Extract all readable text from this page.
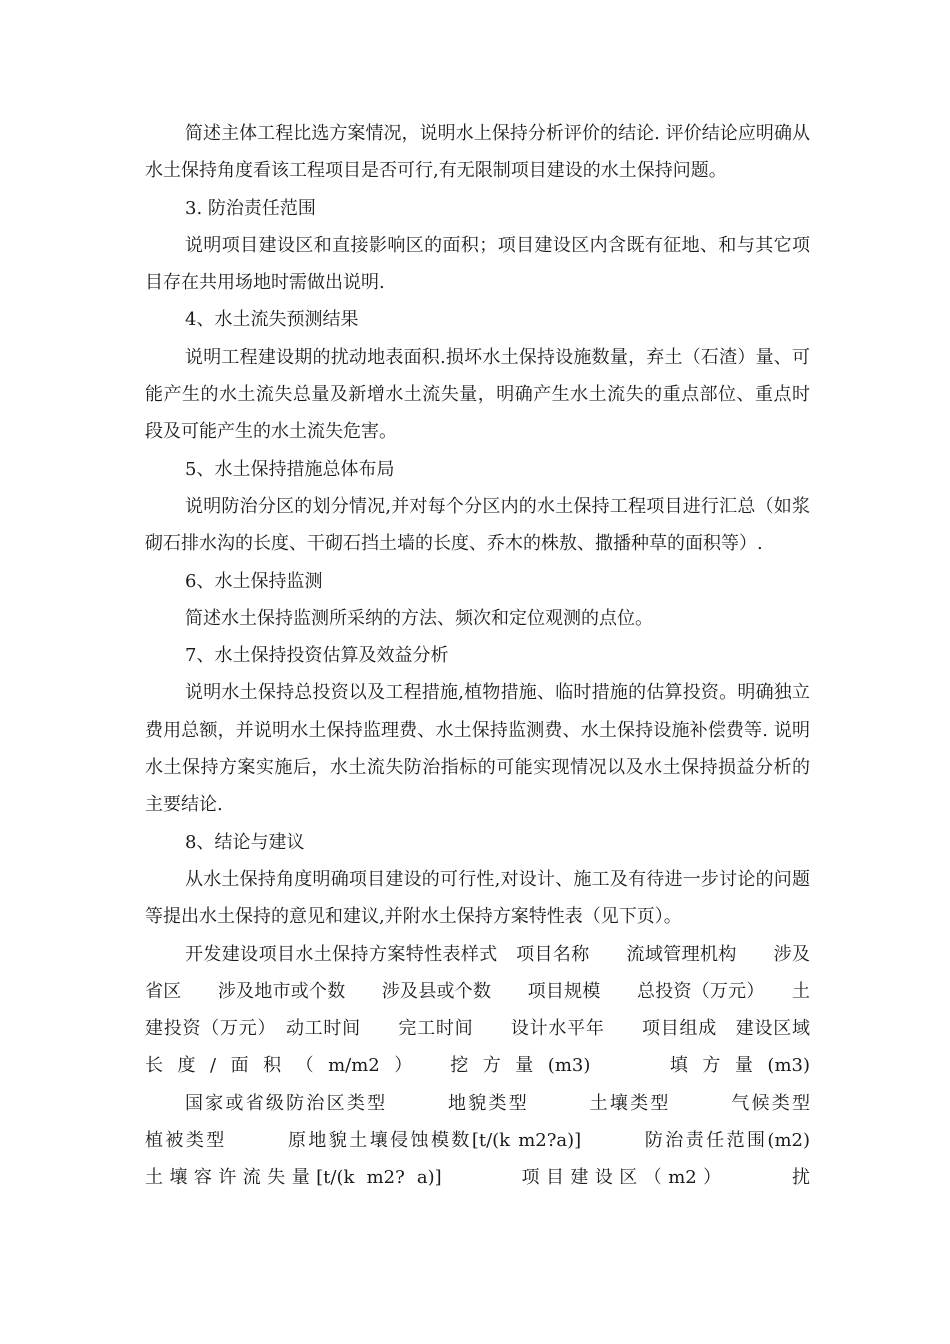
简述主体工程比选方案情况，说明水上保持分析评价的结论. 评价结论应明确从水土保持角度看该工程项目是否可行,有无限制项目建设的水土保持问题。

3. 防治责任范围

说明项目建设区和直接影响区的面积；项目建设区内含既有征地、和与其它项目存在共用场地时需做出说明.

4、水土流失预测结果

说明工程建设期的扰动地表面积.损坏水土保持设施数量，弃土（石渣）量、可能产生的水土流失总量及新增水土流失量，明确产生水土流失的重点部位、重点时段及可能产生的水土流失危害。

5、水土保持措施总体布局

说明防治分区的划分情况,并对每个分区内的水土保持工程项目进行汇总（如浆砌石排水沟的长度、干砌石挡土墙的长度、乔木的株敖、撒播种草的面积等）.

6、水土保持监测

简述水土保持监测所采纳的方法、频次和定位观测的点位。

7、水土保持投资估算及效益分析

说明水土保持总投资以及工程措施,植物措施、临时措施的估算投资。明确独立费用总额，并说明水土保持监理费、水土保持监测费、水土保持设施补偿费等. 说明水土保持方案实施后，水土流失防治指标的可能实现情况以及水土保持损益分析的主要结论.

8、结论与建议

从水土保持角度明确项目建设的可行性,对设计、施工及有待进一步讨论的问题等提出水土保持的意见和建议,并附水土保持方案特性表（见下页）。

开发建设项目水土保持方案特性表样式　项目名称　　流域管理机构　　涉及省区　　涉及地市或个数　　涉及县或个数　　项目规模　　总投资（万元）　　土建投资（万元）　动工时间　　完工时间　　设计水平年　　项目组成　建设区域　长度/面积（m/m2）　挖方量(m3)　　填方量(m3)

国家或省级防治区类型　　　地貌类型　　　土壤类型　　　气候类型　　　植被类型　　　原地貌土壤侵蚀模数[t/(k m2?a)]　　　防治责任范围(m2)　　　土壤容许流失量[t/(k m2? a)]　　　项目建设区（m2）　　　扰
